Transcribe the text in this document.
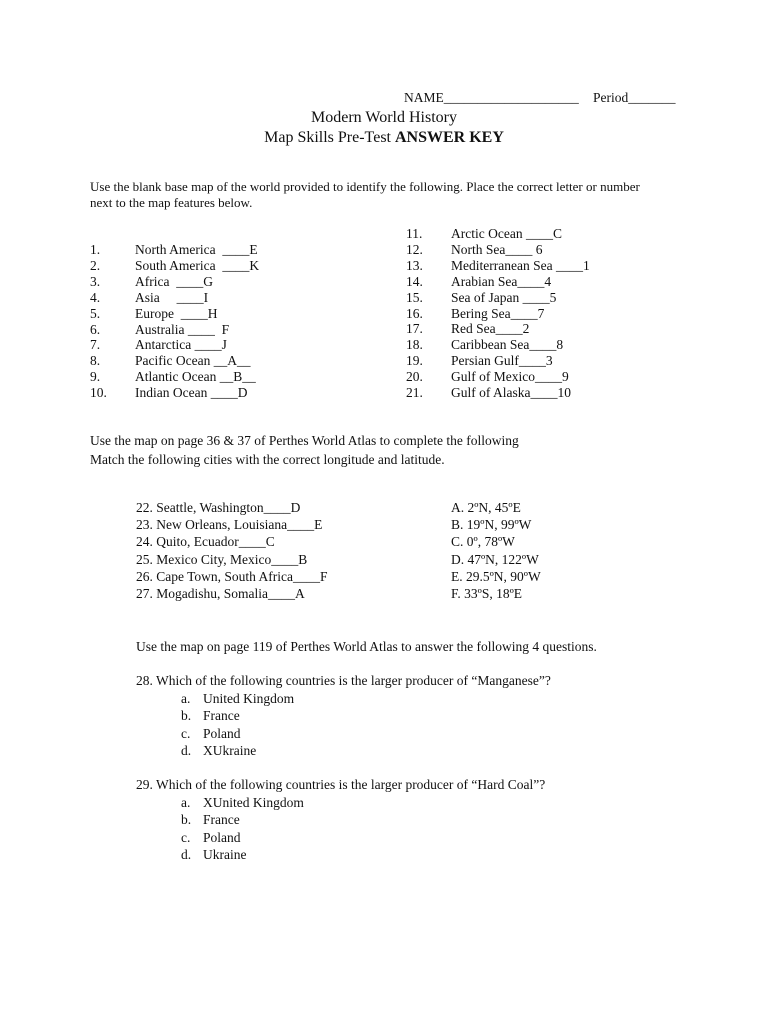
NAME____________________ Period_______
Modern World History
Map Skills Pre-Test ANSWER KEY
Use the blank base map of the world provided to identify the following. Place the correct letter or number
next to the map features below.
1.	North America  ____E
2.	South America  ____K
3.	Africa  ____G
4.	Asia     ____I
5.	Europe  ____H
6.	Australia ____  F
7.	Antarctica ____J
8.	Pacific Ocean __A__
9.	Atlantic Ocean __B__
10. Indian Ocean ____D
11. Arctic Ocean ____C
12. North Sea____ 6
13. Mediterranean Sea ____1
14. Arabian Sea____4
15. Sea of Japan ____5
16. Bering Sea____7
17. Red Sea____2
18. Caribbean Sea____8
19. Persian Gulf____3
20. Gulf of Mexico____9
21. Gulf of Alaska____10
Use the map on page 36 & 37 of Perthes World Atlas to complete the following
Match the following cities with the correct longitude and latitude.
22. Seattle, Washington____D
23. New Orleans, Louisiana____E
24. Quito, Ecuador____C
25. Mexico City, Mexico____B
26. Cape Town, South Africa____F
27. Mogadishu, Somalia____A
A. 2ºN, 45ºE
B. 19ºN, 99ºW
C. 0º, 78ºW
D. 47ºN, 122ºW
E. 29.5ºN, 90ºW
F. 33ºS, 18ºE
Use the map on page 119 of Perthes World Atlas to answer the following 4 questions.
28. Which of the following countries is the larger producer of “Manganese”?
a. United Kingdom
b. France
c. Poland
d. XUkraine
29. Which of the following countries is the larger producer of “Hard Coal”?
a. XUnited Kingdom
b. France
c. Poland
d. Ukraine
